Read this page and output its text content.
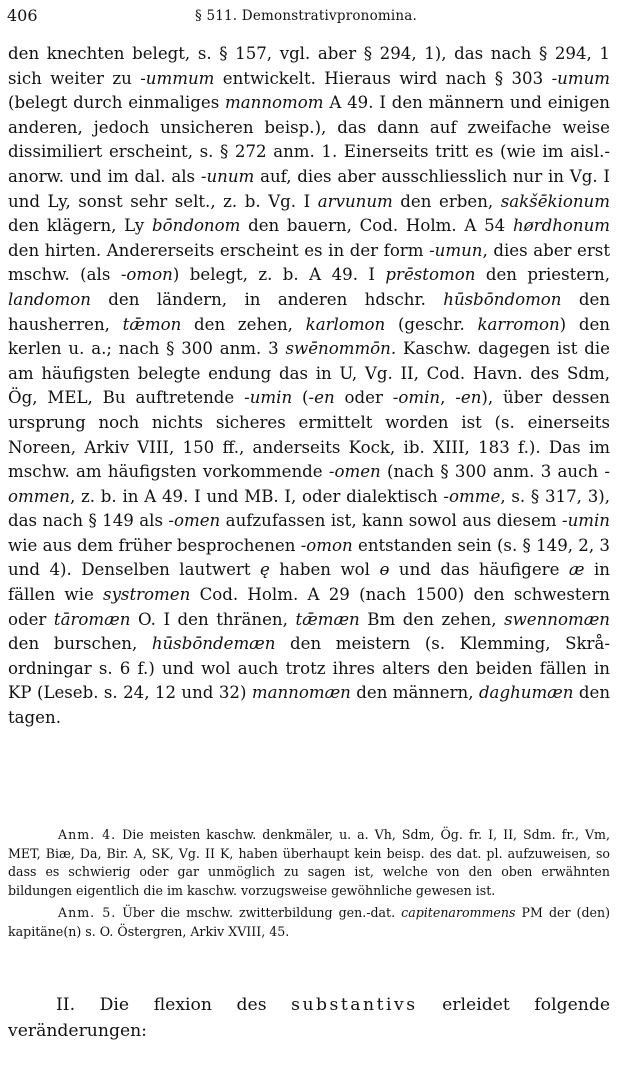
406	§ 511. Demonstrativpronomina.

den knechten belegt, s. § 157, vgl. aber § 294, 1), das nach § 294, 1 sich weiter zu -ummum entwickelt. Hieraus wird nach § 303 -umum (belegt durch einmaliges mannomom A 49. I den männern und einigen anderen, jedoch unsicheren beisp.), das dann auf zweifache weise dissimiliert erscheint, s. § 272 anm. 1. Einerseits tritt es (wie im aisl.-anorw. und im dal. als -unum auf, dies aber ausschliesslich nur in Vg. I und Ly, sonst sehr selt., z. b. Vg. I arvunum den erben, sakšēkionum den klägern, Ly bōndonom den bauern, Cod. Holm. A 54 hørdhonum den hirten. Andererseits erscheint es in der form -umun, dies aber erst mschw. (als -omon) belegt, z. b. A 49. I prēstomon den priestern, landomon den ländern, in anderen hdschr. hūsbōndomon den hausherren, tǣmon den zehen, karlomon (geschr. karromon) den kerlen u. a.; nach § 300 anm. 3 swēnommōn. Kaschw. dagegen ist die am häufigsten belegte endung das in U, Vg. II, Cod. Havn. des Sdm, Ög, MEL, Bu auftretende -umin (-en oder -omin, -en), über dessen ursprung noch nichts sicheres ermittelt worden ist (s. einerseits Noreen, Arkiv VIII, 150 ff., anderseits Kock, ib. XIII, 183 f.). Das im mschw. am häufigsten vorkommende -omen (nach § 300 anm. 3 auch -ommen, z. b. in A 49. I und MB. I, oder dialektisch -omme, s. § 317, 3), das nach § 149 als -omen aufzufassen ist, kann sowol aus diesem -umin wie aus dem früher besprochenen -omon entstanden sein (s. § 149, 2, 3 und 4). Denselben lautwert ę haben wol ɵ und das häufigere æ in fällen wie systromen Cod. Holm. A 29 (nach 1500) den schwestern oder tāromæn O. I den thränen, tǣmæn Bm den zehen, swennomæn den burschen, hūsbōndemæn den meistern (s. Klemming, Skrå-ordningar s. 6 f.) und wol auch trotz ihres alters den beiden fällen in KP (Leseb. s. 24, 12 und 32) mannomæn den männern, daghumæn den tagen.

Anm. 4. Die meisten kaschw. denkmäler, u. a. Vh, Sdm, Ög. fr. I, II, Sdm. fr., Vm, MET, Biæ, Da, Bir. A, SK, Vg. II K, haben überhaupt kein beisp. des dat. pl. aufzuweisen, so dass es schwierig oder gar unmöglich zu sagen ist, welche von den oben erwähnten bildungen eigentlich die im kaschw. vorzugsweise gewöhnliche gewesen ist.

Anm. 5. Über die mschw. zwitterbildung gen.-dat. capitenarommens PM der (den) kapitäne(n) s. O. Östergren, Arkiv XVIII, 45.

II. Die flexion des substantivs erleidet folgende veränderungen:
